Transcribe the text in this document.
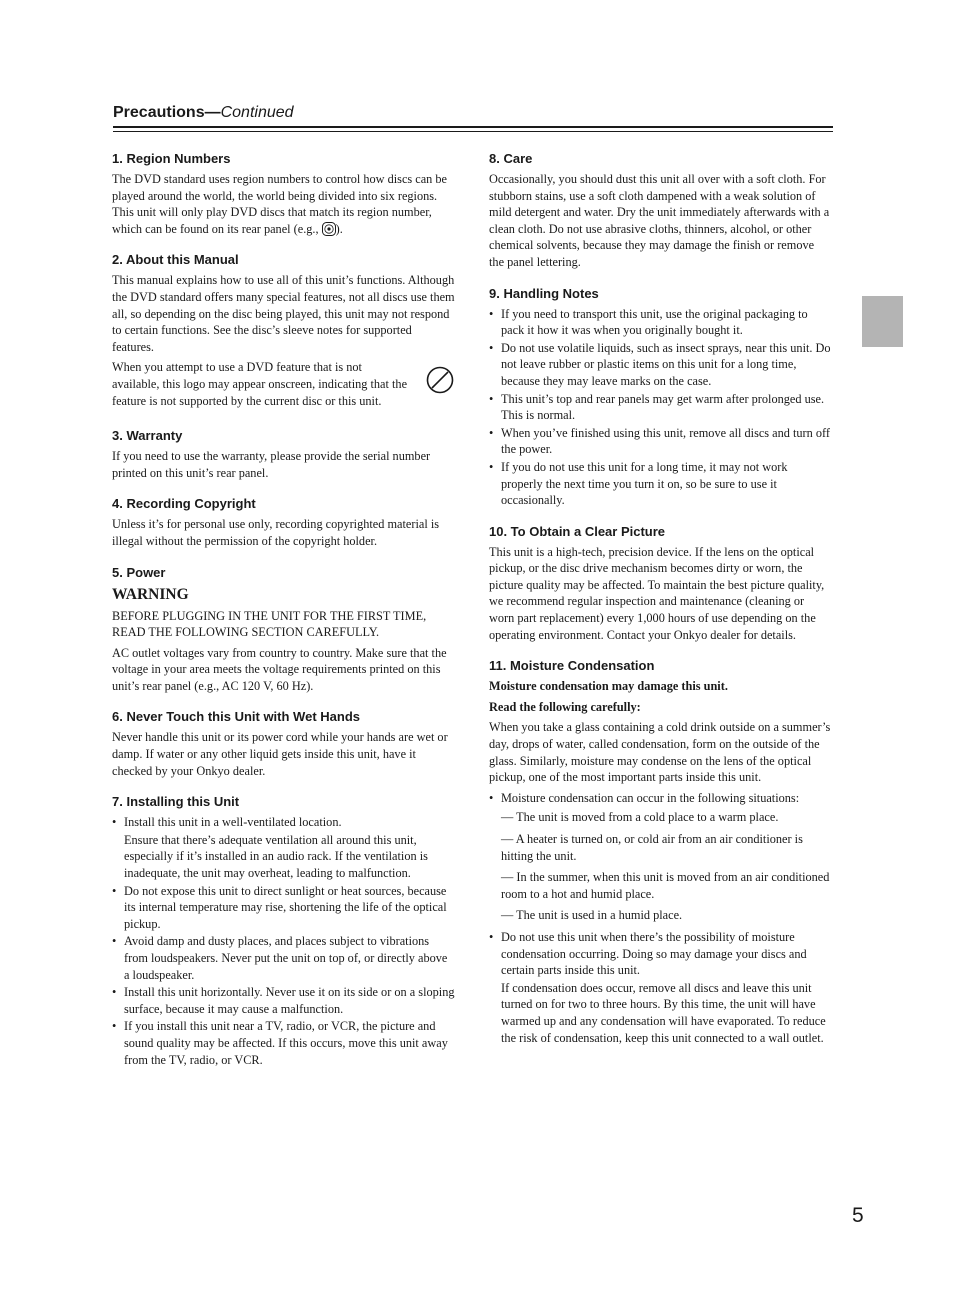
Precautions—Continued
1. Region Numbers

The DVD standard uses region numbers to control how discs can be played around the world, the world being divided into six regions. This unit will only play DVD discs that match its region number, which can be found on its rear panel (e.g., ).

2. About this Manual

This manual explains how to use all of this unit’s functions. Although the DVD standard offers many special features, not all discs use them all, so depending on the disc being played, this unit may not respond to certain functions. See the disc’s sleeve notes for supported features.

When you attempt to use a DVD feature that is not available, this logo may appear onscreen, indicating that the feature is not supported by the current disc or this unit.

3. Warranty

If you need to use the warranty, please provide the serial number printed on this unit’s rear panel.

4. Recording Copyright

Unless it’s for personal use only, recording copyrighted material is illegal without the permission of the copyright holder.

5. Power
WARNING

BEFORE PLUGGING IN THE UNIT FOR THE FIRST TIME, READ THE FOLLOWING SECTION CAREFULLY.

AC outlet voltages vary from country to country. Make sure that the voltage in your area meets the voltage requirements printed on this unit’s rear panel (e.g., AC 120 V, 60 Hz).

6. Never Touch this Unit with Wet Hands

Never handle this unit or its power cord while your hands are wet or damp. If water or any other liquid gets inside this unit, have it checked by your Onkyo dealer.

7. Installing this Unit
• Install this unit in a well-ventilated location.
Ensure that there’s adequate ventilation all around this unit, especially if it’s installed in an audio rack. If the ventilation is inadequate, the unit may overheat, leading to malfunction.
• Do not expose this unit to direct sunlight or heat sources, because its internal temperature may rise, shortening the life of the optical pickup.
• Avoid damp and dusty places, and places subject to vibrations from loudspeakers. Never put the unit on top of, or directly above a loudspeaker.
• Install this unit horizontally. Never use it on its side or on a sloping surface, because it may cause a malfunction.
• If you install this unit near a TV, radio, or VCR, the picture and sound quality may be affected. If this occurs, move this unit away from the TV, radio, or VCR.
8. Care

Occasionally, you should dust this unit all over with a soft cloth. For stubborn stains, use a soft cloth dampened with a weak solution of mild detergent and water. Dry the unit immediately afterwards with a clean cloth. Do not use abrasive cloths, thinners, alcohol, or other chemical solvents, because they may damage the finish or remove the panel lettering.

9. Handling Notes
• If you need to transport this unit, use the original packaging to pack it how it was when you originally bought it.
• Do not use volatile liquids, such as insect sprays, near this unit. Do not leave rubber or plastic items on this unit for a long time, because they may leave marks on the case.
• This unit’s top and rear panels may get warm after prolonged use. This is normal.
• When you’ve finished using this unit, remove all discs and turn off the power.
• If you do not use this unit for a long time, it may not work properly the next time you turn it on, so be sure to use it occasionally.
10. To Obtain a Clear Picture

This unit is a high-tech, precision device. If the lens on the optical pickup, or the disc drive mechanism becomes dirty or worn, the picture quality may be affected. To maintain the best picture quality, we recommend regular inspection and maintenance (cleaning or worn part replacement) every 1,000 hours of use depending on the operating environment. Contact your Onkyo dealer for details.

11. Moisture Condensation

Moisture condensation may damage this unit.

Read the following carefully:

When you take a glass containing a cold drink outside on a summer’s day, drops of water, called condensation, form on the outside of the glass. Similarly, moisture may condense on the lens of the optical pickup, one of the most important parts inside this unit.

• Moisture condensation can occur in the following situations:
— The unit is moved from a cold place to a warm place.
— A heater is turned on, or cold air from an air conditioner is hitting the unit.
— In the summer, when this unit is moved from an air conditioned room to a hot and humid place.
— The unit is used in a humid place.
• Do not use this unit when there’s the possibility of moisture condensation occurring. Doing so may damage your discs and certain parts inside this unit.
If condensation does occur, remove all discs and leave this unit turned on for two to three hours. By this time, the unit will have warmed up and any condensation will have evaporated. To reduce the risk of condensation, keep this unit connected to a wall outlet.
5
